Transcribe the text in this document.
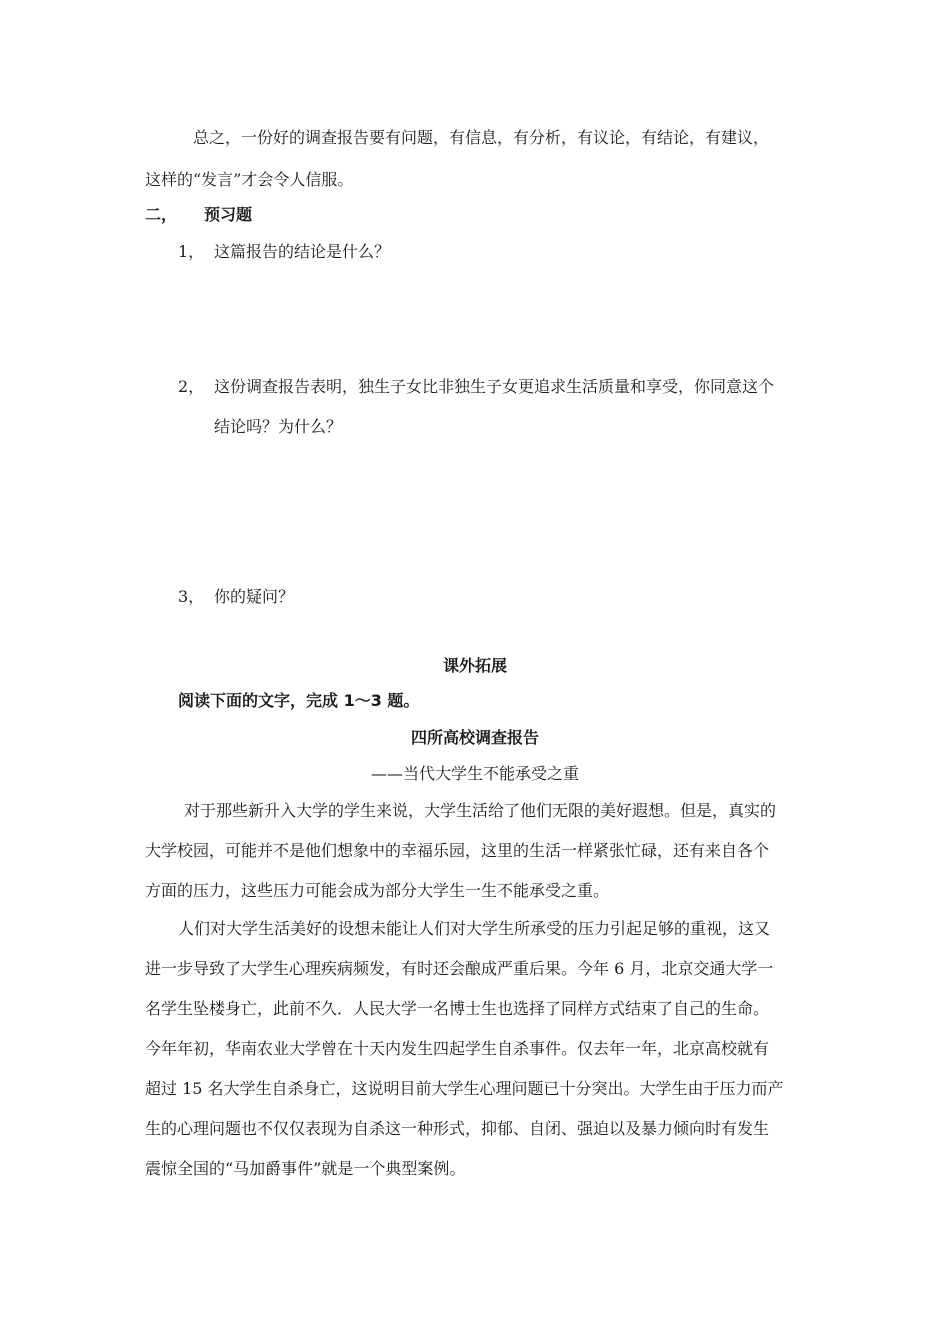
总之，一份好的调查报告要有问题，有信息，有分析，有议论，有结论，有建议，
这样的“发言”才会令人信服。
二， 预习题
1， 这篇报告的结论是什么？
2， 这份调查报告表明，独生子女比非独生子女更追求生活质量和享受，你同意这个
结论吗？为什么？
3， 你的疑问？
课外拓展
阅读下面的文字，完成 1～3 题。
四所高校调查报告
——当代大学生不能承受之重
对于那些新升入大学的学生来说，大学生活给了他们无限的美好遐想。但是，真实的
大学校园，可能并不是他们想象中的幸福乐园，这里的生活一样紧张忙碌，还有来自各个
方面的压力，这些压力可能会成为部分大学生一生不能承受之重。
人们对大学生活美好的设想未能让人们对大学生所承受的压力引起足够的重视，这又
进一步导致了大学生心理疾病频发，有时还会酿成严重后果。今年 6 月，北京交通大学一
名学生坠楼身亡，此前不久．人民大学一名博士生也选择了同样方式结束了自己的生命。
今年年初，华南农业大学曾在十天内发生四起学生自杀事件。仅去年一年，北京高校就有
超过 15 名大学生自杀身亡，这说明目前大学生心理问题已十分突出。大学生由于压力而产
生的心理问题也不仅仅表现为自杀这一种形式，抑郁、自闭、强迫以及暴力倾向时有发生
震惊全国的“马加爵事件”就是一个典型案例。
